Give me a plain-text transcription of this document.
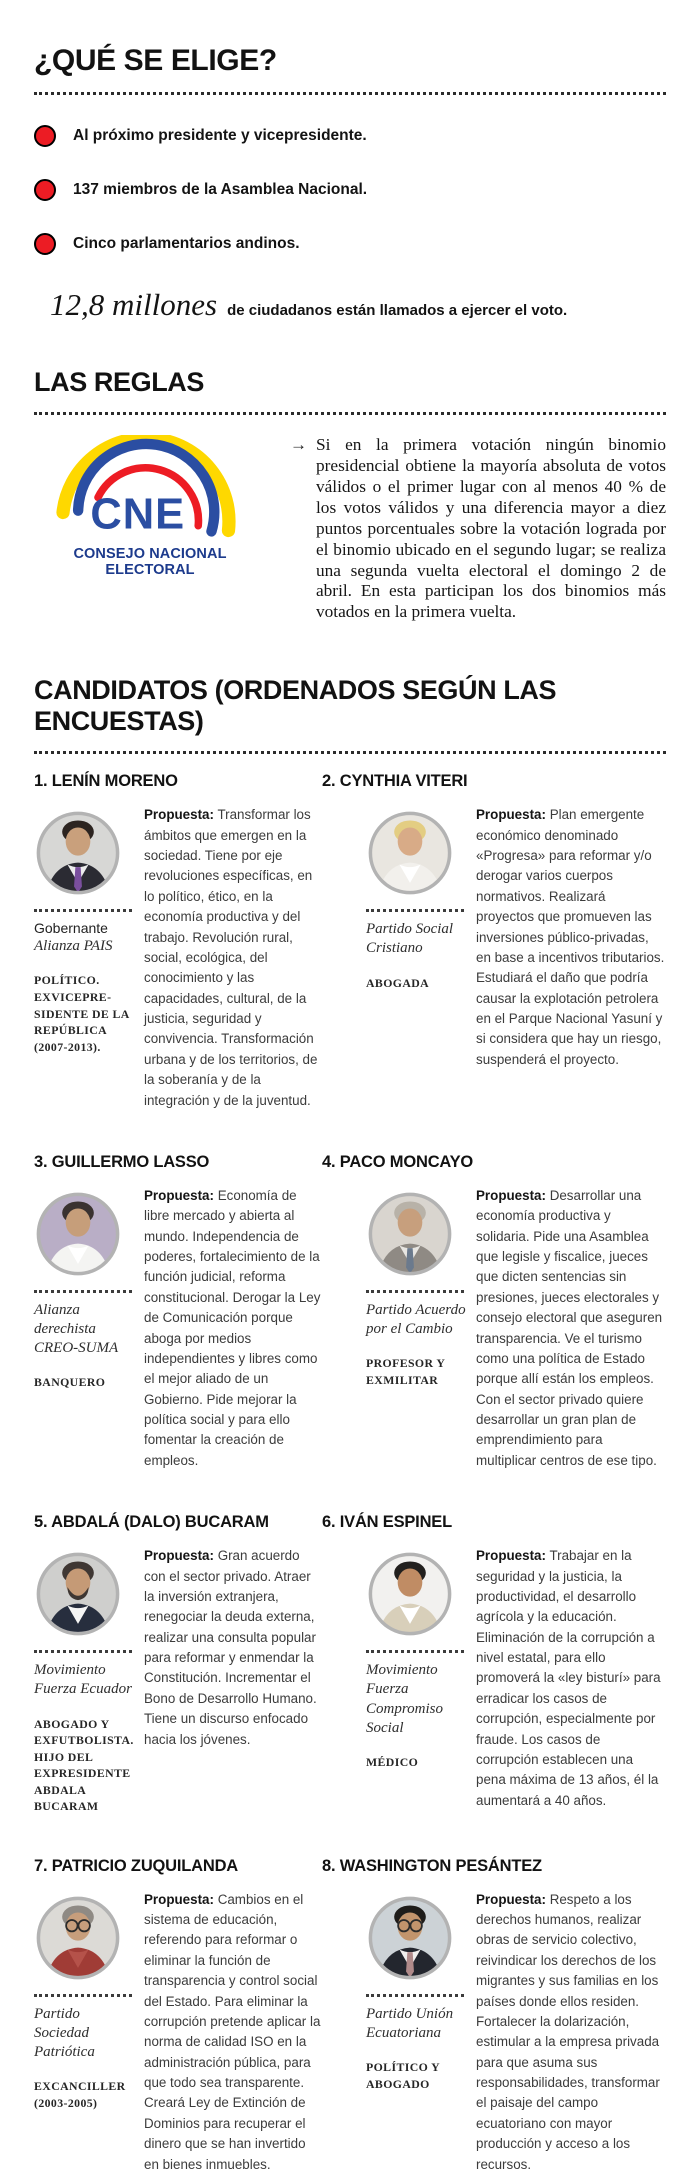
¿QUÉ SE ELIGE?
Al próximo presidente y vicepresidente.
137 miembros de la Asamblea Nacional.
Cinco parlamentarios andinos.
12,8 millones de ciudadanos están llamados a ejercer el voto.
LAS REGLAS
CNE
CONSEJO NACIONAL ELECTORAL
→ Si en la primera votación ningún binomio presidencial obtiene la mayoría absoluta de votos válidos o el primer lugar con al menos 40 % de los votos válidos y una diferencia mayor a diez puntos porcentuales sobre la votación lograda por el binomio ubicado en el segundo lugar; se realiza una segunda vuelta electoral el domingo 2 de abril. En esta participan los dos binomios más votados en la primera vuelta.

CANDIDATOS (ORDENADOS SEGÚN LAS ENCUESTAS)
1. LENÍN MORENO

Gobernante

Alianza PAIS

POLÍTICO. EXVICEPRESIDENTE DE LA REPÚBLICA (2007-2013).

Propuesta: Transformar los ámbitos que emergen en la sociedad. Tiene por eje revoluciones específicas, en lo político, ético, en la economía productiva y del trabajo. Revolución rural, social, ecológica, del conocimiento y las capacidades, cultural, de la justicia, seguridad y convivencia. Transformación urbana y de los territorios, de la soberanía y de la integración y de la juventud.

2. CYNTHIA VITERI

Partido Social Cristiano

ABOGADA

Propuesta: Plan emergente económico denominado «Progresa» para reformar y/o derogar varios cuerpos normativos. Realizará proyectos que promueven las inversiones público-privadas, en base a incentivos tributarios. Estudiará el daño que podría causar la explotación petrolera en el Parque Nacional Yasuní y si considera que hay un riesgo, suspenderá el proyecto.

3. GUILLERMO LASSO

Alianza derechista CREO-SUMA

BANQUERO

Propuesta: Economía de libre mercado y abierta al mundo. Independencia de poderes, fortalecimiento de la función judicial, reforma constitucional. Derogar la Ley de Comunicación porque aboga por medios independientes y libres como el mejor aliado de un Gobierno. Pide mejorar la política social y para ello fomentar la creación de empleos.

4. PACO MONCAYO

Partido Acuerdo por el Cambio

PROFESOR Y EXMILITAR

Propuesta: Desarrollar una economía productiva y solidaria. Pide una Asamblea que legisle y fiscalice, jueces que dicten sentencias sin presiones, jueces electorales y consejo electoral que aseguren transparencia. Ve el turismo como una política de Estado porque allí están los empleos. Con el sector privado quiere desarrollar un gran plan de emprendimiento para multiplicar centros de ese tipo.

5. ABDALÁ (DALO) BUCARAM

Movimiento Fuerza Ecuador

ABOGADO Y EXFUTBOLISTA. HIJO DEL EXPRESIDENTE ABDALA BUCARAM

Propuesta: Gran acuerdo con el sector privado. Atraer la inversión extranjera, renegociar la deuda externa, realizar una consulta popular para reformar y enmendar la Constitución. Incrementar el Bono de Desarrollo Humano. Tiene un discurso enfocado hacia los jóvenes.

6. IVÁN ESPINEL

Movimiento Fuerza Compromiso Social

MÉDICO

Propuesta: Trabajar en la seguridad y la justicia, la productividad, el desarrollo agrícola y la educación. Eliminación de la corrupción a nivel estatal, para ello promoverá la «ley bisturí» para erradicar los casos de corrupción, especialmente por fraude. Los casos de corrupción establecen una pena máxima de 13 años, él la aumentará a 40 años.

7. PATRICIO ZUQUILANDA

Partido Sociedad Patriótica

EXCANCILLER (2003-2005)

Propuesta: Cambios en el sistema de educación, referendo para reformar o eliminar la función de transparencia y control social del Estado. Para eliminar la corrupción pretende aplicar la norma de calidad ISO en la administración pública, para que todo sea transparente. Creará Ley de Extinción de Dominios para recuperar el dinero que se han invertido en bienes inmuebles.

8. WASHINGTON PESÁNTEZ

Partido Unión Ecuatoriana

POLÍTICO Y ABOGADO

Propuesta: Respeto a los derechos humanos, realizar obras de servicio colectivo, reivindicar los derechos de los migrantes y sus familias en los países donde ellos residen. Fortalecer la dolarización, estimular a la empresa privada para que asuma sus responsabilidades, transformar el paisaje del campo ecuatoriano con mayor producción y acceso a los recursos.
